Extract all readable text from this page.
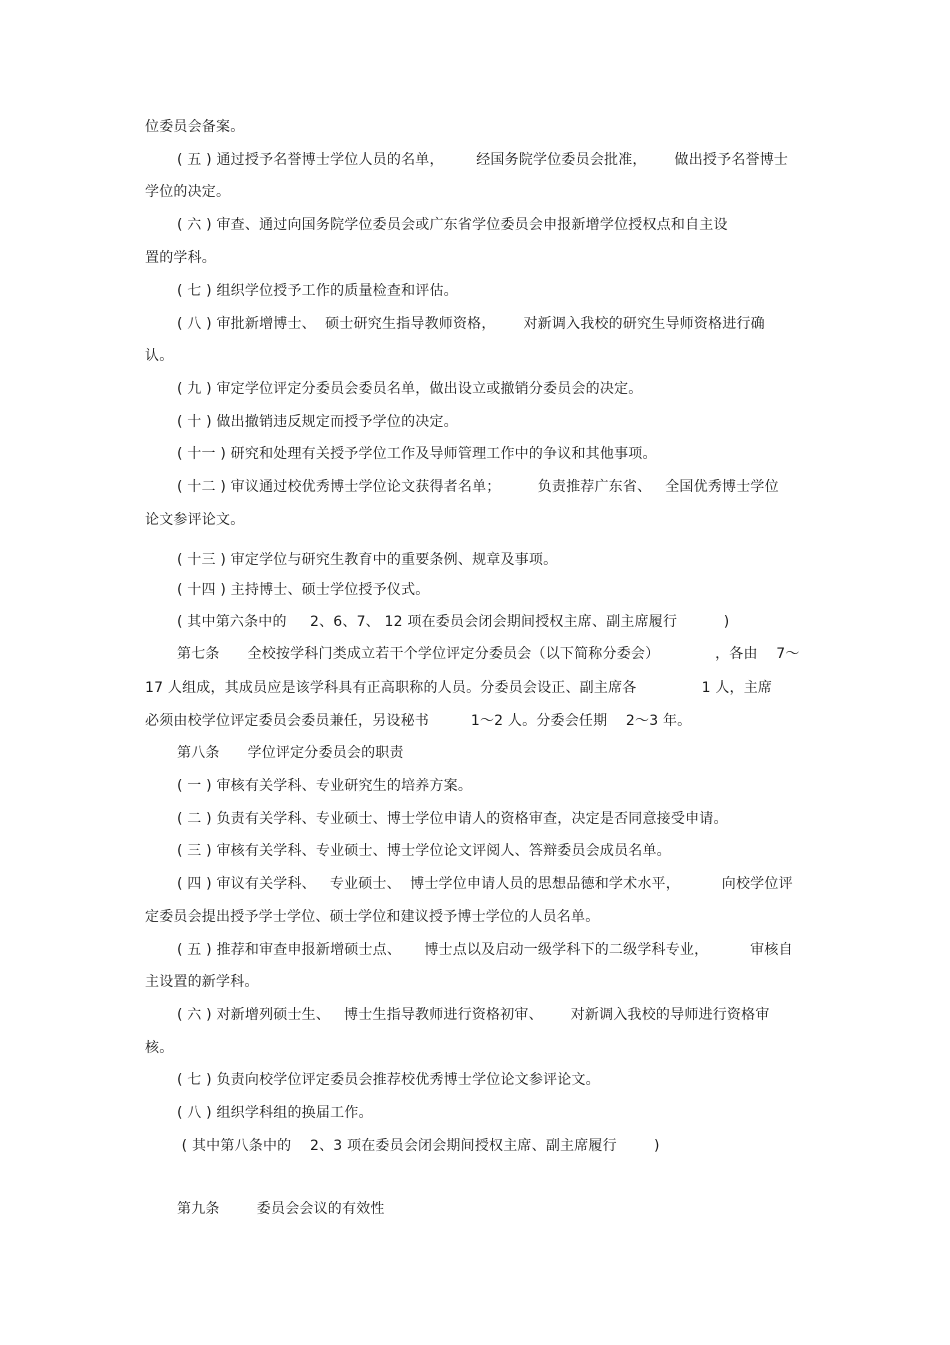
位委员会备案。
( 五 ) 通过授予名誉博士学位人员的名单，       经国务院学位委员会批准，      做出授予名誉博士
学位的决定。
( 六 ) 审查、通过向国务院学位委员会或广东省学位委员会申报新增学位授权点和自主设
置的学科。
( 七 ) 组织学位授予工作的质量检查和评估。
( 八 ) 审批新增博士、  硕士研究生指导教师资格，      对新调入我校的研究生导师资格进行确
认。
( 九 ) 审定学位评定分委员会委员名单，做出设立或撤销分委员会的决定。
( 十 ) 做出撤销违反规定而授予学位的决定。
( 十一 ) 研究和处理有关授予学位工作及导师管理工作中的争议和其他事项。
( 十二 ) 审议通过校优秀博士学位论文获得者名单；        负责推荐广东省、   全国优秀博士学位
论文参评论文。
( 十三 ) 审定学位与研究生教育中的重要条例、规章及事项。
( 十四 ) 主持博士、硕士学位授予仪式。
( 其中第六条中的     2、6、7、 12 项在委员会闭会期间授权主席、副主席履行          )
第七条      全校按学科门类成立若干个学位评定分委员会（以下简称分委会）            ，各由    7～
17 人组成，其成员应是该学科具有正高职称的人员。分委员会设正、副主席各              1 人，主席
必须由校学位评定委员会委员兼任，另设秘书         1～2 人。分委会任期    2～3 年。
第八条      学位评定分委员会的职责
( 一 ) 审核有关学科、专业研究生的培养方案。
( 二 ) 负责有关学科、专业硕士、博士学位申请人的资格审查，决定是否同意接受申请。
( 三 ) 审核有关学科、专业硕士、博士学位论文评阅人、答辩委员会成员名单。
( 四 ) 审议有关学科、   专业硕士、  博士学位申请人员的思想品德和学术水平，         向校学位评
定委员会提出授予学士学位、硕士学位和建议授予博士学位的人员名单。
( 五 ) 推荐和审查申报新增硕士点、     博士点以及启动一级学科下的二级学科专业，         审核自
主设置的新学科。
( 六 ) 对新增列硕士生、   博士生指导教师进行资格初审、      对新调入我校的导师进行资格审
核。
( 七 ) 负责向校学位评定委员会推荐校优秀博士学位论文参评论文。
( 八 ) 组织学科组的换届工作。
( 其中第八条中的    2、3 项在委员会闭会期间授权主席、副主席履行        )
第九条        委员会会议的有效性
